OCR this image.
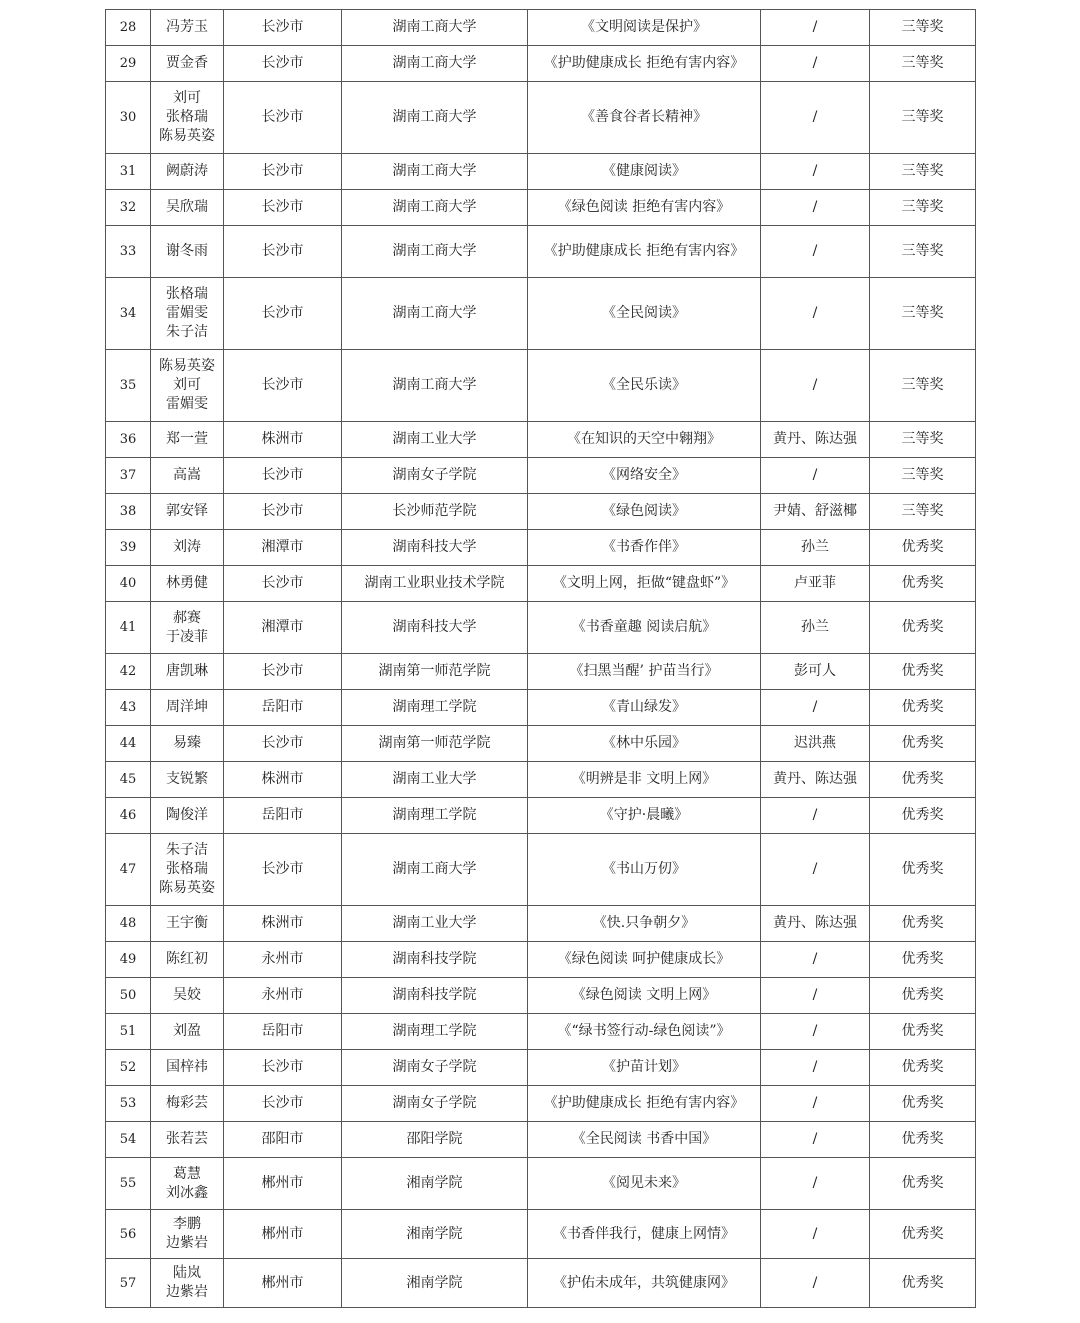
28	冯芳玉	长沙市	湖南工商大学	《文明阅读是保护》	/	三等奖
29	贾金香	长沙市	湖南工商大学	《护助健康成长 拒绝有害内容》	/	三等奖
30	刘可
张格瑞
陈易英姿	长沙市	湖南工商大学	《善食谷者长精神》	/	三等奖
31	阙蔚涛	长沙市	湖南工商大学	《健康阅读》	/	三等奖
32	吴欣瑞	长沙市	湖南工商大学	《绿色阅读 拒绝有害内容》	/	三等奖
33	谢冬雨	长沙市	湖南工商大学	《护助健康成长 拒绝有害内容》	/	三等奖
34	张格瑞
雷媚雯
朱子洁	长沙市	湖南工商大学	《全民阅读》	/	三等奖
35	陈易英姿
刘可
雷媚雯	长沙市	湖南工商大学	《全民乐读》	/	三等奖
36	郑一萱	株洲市	湖南工业大学	《在知识的天空中翱翔》	黄丹、陈达强	三等奖
37	高嵩	长沙市	湖南女子学院	《网络安全》	/	三等奖
38	郭安铎	长沙市	长沙师范学院	《绿色阅读》	尹婧、舒滋椰	三等奖
39	刘涛	湘潭市	湖南科技大学	《书香作伴》	孙兰	优秀奖
40	林勇健	长沙市	湖南工业职业技术学院	《文明上网，拒做“键盘虾”》	卢亚菲	优秀奖
41	郝赛
于凌菲	湘潭市	湖南科技大学	《书香童趣 阅读启航》	孙兰	优秀奖
42	唐凯琳	长沙市	湖南第一师范学院	《扫黑当醒’ 护苗当行》	彭可人	优秀奖
43	周洋坤	岳阳市	湖南理工学院	《青山绿发》	/	优秀奖
44	易臻	长沙市	湖南第一师范学院	《林中乐园》	迟洪燕	优秀奖
45	支锐繁	株洲市	湖南工业大学	《明辨是非 文明上网》	黄丹、陈达强	优秀奖
46	陶俊洋	岳阳市	湖南理工学院	《守护·晨曦》	/	优秀奖
47	朱子洁
张格瑞
陈易英姿	长沙市	湖南工商大学	《书山万仞》	/	优秀奖
48	王宇衡	株洲市	湖南工业大学	《快.只争朝夕》	黄丹、陈达强	优秀奖
49	陈红初	永州市	湖南科技学院	《绿色阅读 呵护健康成长》	/	优秀奖
50	吴姣	永州市	湖南科技学院	《绿色阅读 文明上网》	/	优秀奖
51	刘盈	岳阳市	湖南理工学院	《“绿书签行动-绿色阅读”》	/	优秀奖
52	国梓祎	长沙市	湖南女子学院	《护苗计划》	/	优秀奖
53	梅彩芸	长沙市	湖南女子学院	《护助健康成长 拒绝有害内容》	/	优秀奖
54	张若芸	邵阳市	邵阳学院	《全民阅读 书香中国》	/	优秀奖
55	葛慧
刘冰鑫	郴州市	湘南学院	《阅见未来》	/	优秀奖
56	李鹏
边紫岩	郴州市	湘南学院	《书香伴我行，健康上网情》	/	优秀奖
57	陆岚
边紫岩	郴州市	湘南学院	《护佑未成年，共筑健康网》	/	优秀奖
